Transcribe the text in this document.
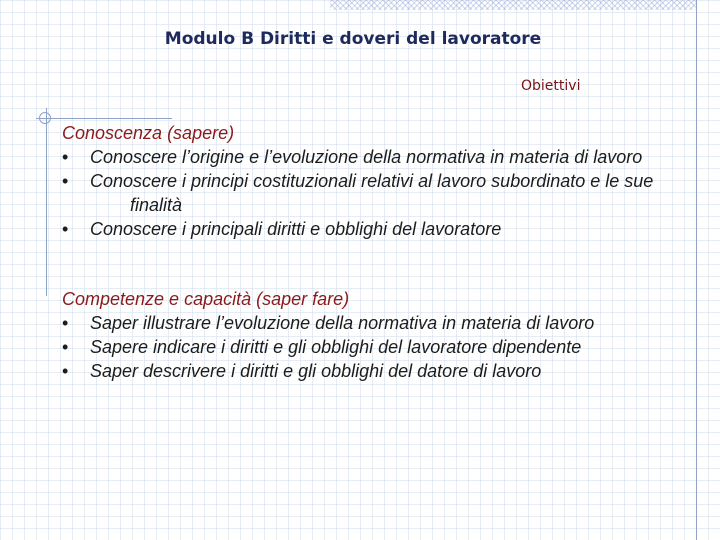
Modulo B Diritti e doveri del lavoratore

Obiettivi

Conoscenza (sapere)

•	Conoscere l’origine e l’evoluzione della normativa in materia di lavoro
•	Conoscere i principi costituzionali relativi al lavoro subordinato e le sue finalità
•	Conoscere i principali diritti e obblighi del lavoratore

Competenze e capacità (saper fare)

•	Saper illustrare l’evoluzione della normativa in materia di lavoro
•	Sapere indicare i diritti e gli obblighi del lavoratore dipendente
•	Saper descrivere i diritti e gli obblighi del datore di lavoro
